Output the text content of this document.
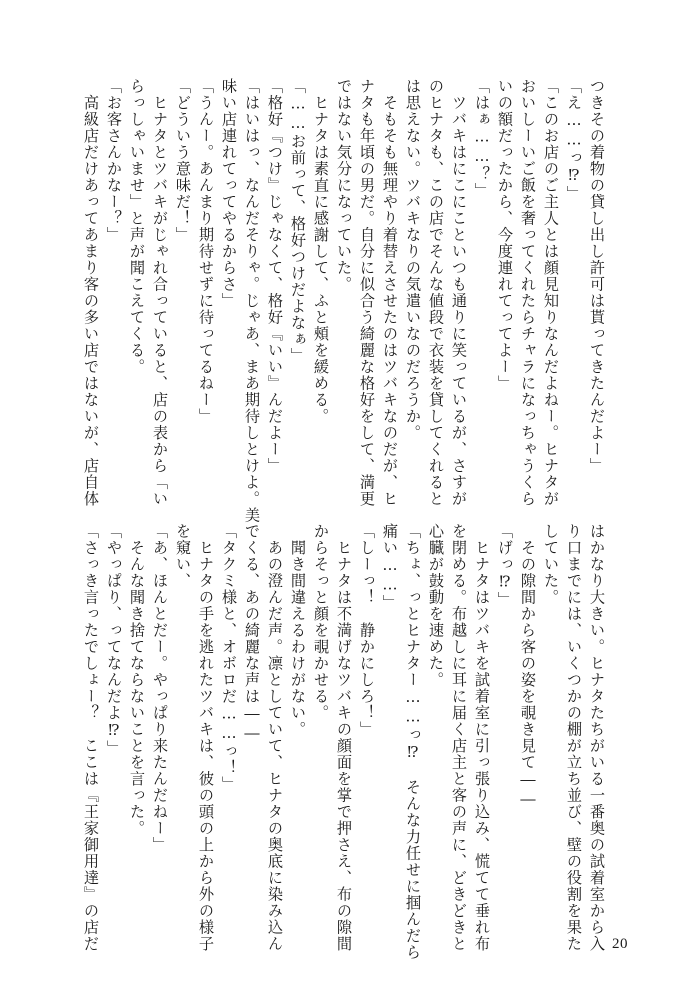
つきその着物の貸し出し許可は貰ってきたんだよー」
「え……っ⁉」
「このお店のご主人とは顔見知りなんだよねー。ヒナタが
おいしーいご飯を奢ってくれたらチャラになっちゃうくら
いの額だったから、今度連れてってよー」
「はぁ……？」
　ツバキはにこにこといつも通りに笑っているが、さすが
のヒナタも、この店でそんな値段で衣装を貸してくれると
は思えない。ツバキなりの気遣いなのだろうか。
　そもそも無理やり着替えさせたのはツバキなのだが、ヒ
ナタも年頃の男だ。自分に似合う綺麗な格好をして、満更
ではない気分になっていた。
　ヒナタは素直に感謝して、ふと頰を緩める。
「……お前って、格好つけだよなぁ」
「格好『つけ』じゃなくて、格好『いい』んだよー」
「はいはっ、なんだそりゃ。じゃあ、まあ期待しとけよ。美
味い店連れてってやるからさ」
「うんー。あんまり期待せずに待ってるねー」
「どういう意味だ！」
　ヒナタとツバキがじゃれ合っていると、店の表から「い
らっしゃいませ」と声が聞こえてくる。
「お客さんかなー？」
　高級店だけあってあまり客の多い店ではないが、店自体
はかなり大きい。ヒナタたちがいる一番奥の試着室から入
り口までには、いくつかの棚が立ち並び、壁の役割を果た
していた。
　その隙間から客の姿を覗き見て――
「げっ⁉」
　ヒナタはツバキを試着室に引っ張り込み、慌てて垂れ布
を閉める。布越しに耳に届く店主と客の声に、どきどきと
心臓が鼓動を速めた。
「ちょ、っとヒナター……っ⁉　そんな力任せに掴んだら
痛い……」
「しーっ！　静かにしろ！」
　ヒナタは不満げなツバキの顔面を掌で押さえ、布の隙間
からそっと顔を覗かせる。
　聞き間違えるわけがない。
　あの澄んだ声。凛としていて、ヒナタの奥底に染み込ん
でくる、あの綺麗な声は――
「タクミ様と、オボロだ……っ！」
　ヒナタの手を逃れたツバキは、彼の頭の上から外の様子
を窺い、
「あ、ほんとだー。やっぱり来たんだねー」
　そんな聞き捨てならないことを言った。
「やっぱり、ってなんだよ⁉」
「さっき言ったでしょー？　ここは『王家御用達』の店だ	20
